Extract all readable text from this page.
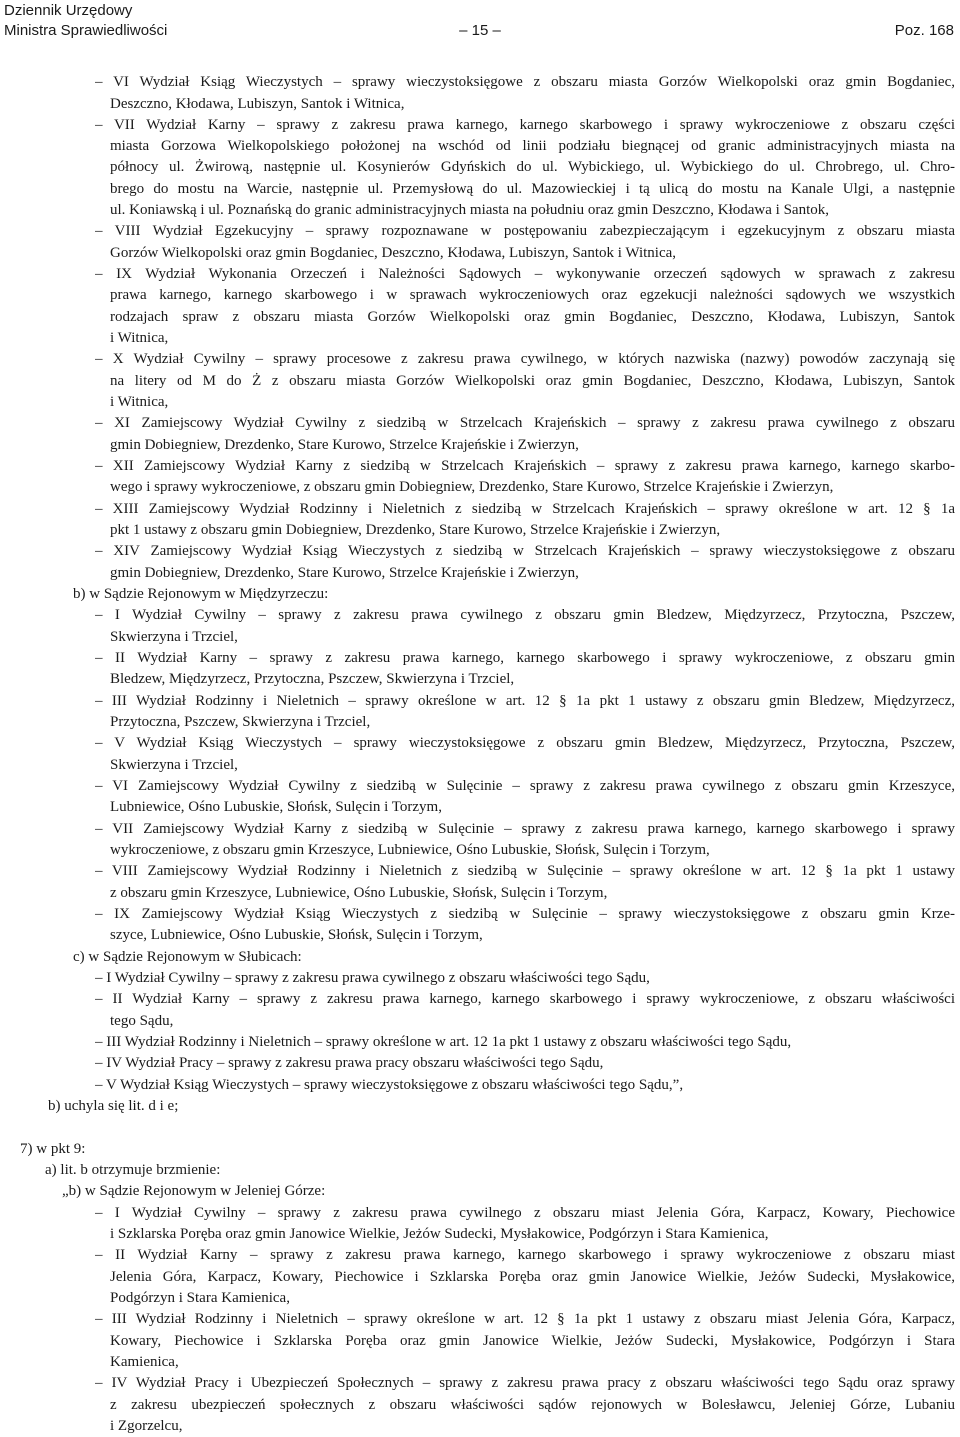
Dziennik Urzędowy
Ministra Sprawiedliwości	– 15 –	Poz. 168
– VI Wydział Ksiąg Wieczystych – sprawy wieczystoksięgowe z obszaru miasta Gorzów Wielkopolski oraz gmin Bogdaniec,
Deszczno, Kłodawa, Lubiszyn, Santok i Witnica,
– VII Wydział Karny – sprawy z zakresu prawa karnego, karnego skarbowego i sprawy wykroczeniowe z obszaru części
miasta Gorzowa Wielkopolskiego położonej na wschód od linii podziału biegnącej od granic administracyjnych miasta na
północy ul. Żwirową, następnie ul. Kosynierów Gdyńskich do ul. Wybickiego, ul. Wybickiego do ul. Chrobrego, ul. Chro-
brego do mostu na Warcie, następnie ul. Przemysłową do ul. Mazowieckiej i tą ulicą do mostu na Kanale Ulgi, a następnie
ul. Koniawską i ul. Poznańską do granic administracyjnych miasta na południu oraz gmin Deszczno, Kłodawa i Santok,
– VIII Wydział Egzekucyjny – sprawy rozpoznawane w postępowaniu zabezpieczającym i egzekucyjnym z obszaru miasta
Gorzów Wielkopolski oraz gmin Bogdaniec, Deszczno, Kłodawa, Lubiszyn, Santok i Witnica,
– IX Wydział Wykonania Orzeczeń i Należności Sądowych – wykonywanie orzeczeń sądowych w sprawach z zakresu
prawa karnego, karnego skarbowego i w sprawach wykroczeniowych oraz egzekucji należności sądowych we wszystkich
rodzajach spraw z obszaru miasta Gorzów Wielkopolski oraz gmin Bogdaniec, Deszczno, Kłodawa, Lubiszyn, Santok
i Witnica,
– X Wydział Cywilny – sprawy procesowe z zakresu prawa cywilnego, w których nazwiska (nazwy) powodów zaczynają się
na litery od M do Ż z obszaru miasta Gorzów Wielkopolski oraz gmin Bogdaniec, Deszczno, Kłodawa, Lubiszyn, Santok
i Witnica,
– XI Zamiejscowy Wydział Cywilny z siedzibą w Strzelcach Krajeńskich – sprawy z zakresu prawa cywilnego z obszaru
gmin Dobiegniew, Drezdenko, Stare Kurowo, Strzelce Krajeńskie i Zwierzyn,
– XII Zamiejscowy Wydział Karny z siedzibą w Strzelcach Krajeńskich – sprawy z zakresu prawa karnego, karnego skarbo-
wego i sprawy wykroczeniowe, z obszaru gmin Dobiegniew, Drezdenko, Stare Kurowo, Strzelce Krajeńskie i Zwierzyn,
– XIII Zamiejscowy Wydział Rodzinny i Nieletnich z siedzibą w Strzelcach Krajeńskich – sprawy określone w art. 12 § 1a
pkt 1 ustawy z obszaru gmin Dobiegniew, Drezdenko, Stare Kurowo, Strzelce Krajeńskie i Zwierzyn,
– XIV Zamiejscowy Wydział Ksiąg Wieczystych z siedzibą w Strzelcach Krajeńskich – sprawy wieczystoksięgowe z obszaru
gmin Dobiegniew, Drezdenko, Stare Kurowo, Strzelce Krajeńskie i Zwierzyn,
b) w Sądzie Rejonowym w Międzyrzeczu:
– I Wydział Cywilny – sprawy z zakresu prawa cywilnego z obszaru gmin Bledzew, Międzyrzecz, Przytoczna, Pszczew,
Skwierzyna i Trzciel,
– II Wydział Karny – sprawy z zakresu prawa karnego, karnego skarbowego i sprawy wykroczeniowe, z obszaru gmin
Bledzew, Międzyrzecz, Przytoczna, Pszczew, Skwierzyna i Trzciel,
– III Wydział Rodzinny i Nieletnich – sprawy określone w art. 12 § 1a pkt 1 ustawy z obszaru gmin Bledzew, Międzyrzecz,
Przytoczna, Pszczew, Skwierzyna i Trzciel,
– V Wydział Ksiąg Wieczystych – sprawy wieczystoksięgowe z obszaru gmin Bledzew, Międzyrzecz, Przytoczna, Pszczew,
Skwierzyna i Trzciel,
– VI Zamiejscowy Wydział Cywilny z siedzibą w Sulęcinie – sprawy z zakresu prawa cywilnego z obszaru gmin Krzeszyce,
Lubniewice, Ośno Lubuskie, Słońsk, Sulęcin i Torzym,
– VII Zamiejscowy Wydział Karny z siedzibą w Sulęcinie – sprawy z zakresu prawa karnego, karnego skarbowego i sprawy
wykroczeniowe, z obszaru gmin Krzeszyce, Lubniewice, Ośno Lubuskie, Słońsk, Sulęcin i Torzym,
– VIII Zamiejscowy Wydział Rodzinny i Nieletnich z siedzibą w Sulęcinie – sprawy określone w art. 12 § 1a pkt 1 ustawy
z obszaru gmin Krzeszyce, Lubniewice, Ośno Lubuskie, Słońsk, Sulęcin i Torzym,
– IX Zamiejscowy Wydział Ksiąg Wieczystych z siedzibą w Sulęcinie – sprawy wieczystoksięgowe z obszaru gmin Krze-
szyce, Lubniewice, Ośno Lubuskie, Słońsk, Sulęcin i Torzym,
c) w Sądzie Rejonowym w Słubicach:
– I Wydział Cywilny – sprawy z zakresu prawa cywilnego z obszaru właściwości tego Sądu,
– II Wydział Karny – sprawy z zakresu prawa karnego, karnego skarbowego i sprawy wykroczeniowe, z obszaru właściwości
tego Sądu,
– III Wydział Rodzinny i Nieletnich – sprawy określone w art. 12 1a pkt 1 ustawy z obszaru właściwości tego Sądu,
– IV Wydział Pracy – sprawy z zakresu prawa pracy obszaru właściwości tego Sądu,
– V Wydział Ksiąg Wieczystych – sprawy wieczystoksięgowe z obszaru właściwości tego Sądu,”,
b) uchyla się lit. d i e;
7) w pkt 9:
a) lit. b otrzymuje brzmienie:
„b) w Sądzie Rejonowym w Jeleniej Górze:
– I Wydział Cywilny – sprawy z zakresu prawa cywilnego z obszaru miast Jelenia Góra, Karpacz, Kowary, Piechowice
i Szklarska Poręba oraz gmin Janowice Wielkie, Jeżów Sudecki, Mysłakowice, Podgórzyn i Stara Kamienica,
– II Wydział Karny – sprawy z zakresu prawa karnego, karnego skarbowego i sprawy wykroczeniowe z obszaru miast
Jelenia Góra, Karpacz, Kowary, Piechowice i Szklarska Poręba oraz gmin Janowice Wielkie, Jeżów Sudecki, Mysłakowice,
Podgórzyn i Stara Kamienica,
– III Wydział Rodzinny i Nieletnich – sprawy określone w art. 12 § 1a pkt 1 ustawy z obszaru miast Jelenia Góra, Karpacz,
Kowary, Piechowice i Szklarska Poręba oraz gmin Janowice Wielkie, Jeżów Sudecki, Mysłakowice, Podgórzyn i Stara
Kamienica,
– IV Wydział Pracy i Ubezpieczeń Społecznych – sprawy z zakresu prawa pracy z obszaru właściwości tego Sądu oraz sprawy
z zakresu ubezpieczeń społecznych z obszaru właściwości sądów rejonowych w Bolesławcu, Jeleniej Górze, Lubaniu
i Zgorzelcu,
